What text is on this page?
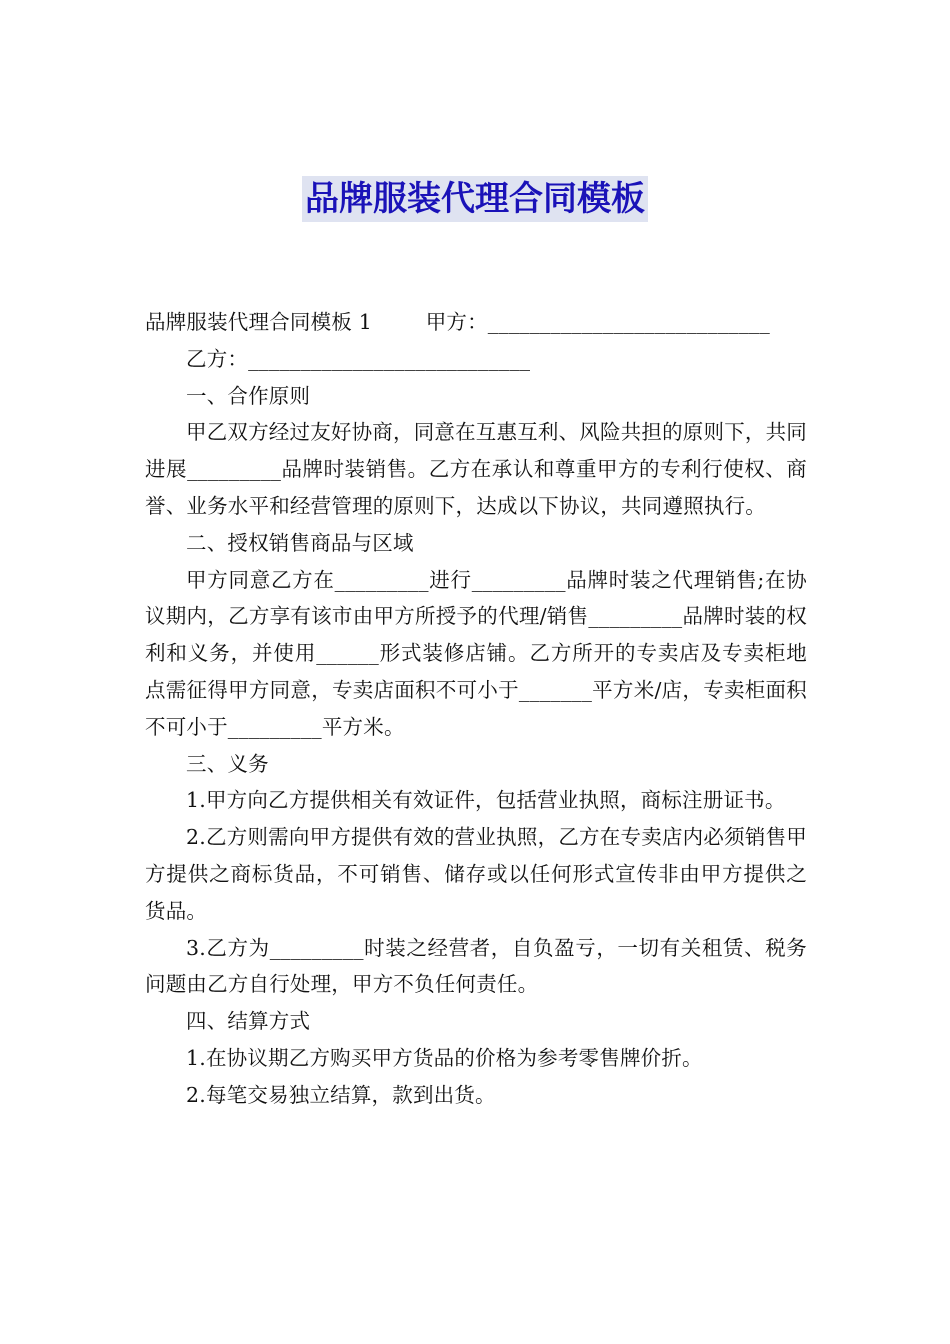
品牌服装代理合同模板

品牌服装代理合同模板 1        甲方：___________________________

乙方：___________________________

一、合作原则

甲乙双方经过友好协商，同意在互惠互利、风险共担的原则下，共同进展_________品牌时装销售。乙方在承认和尊重甲方的专利行使权、商誉、业务水平和经营管理的原则下，达成以下协议，共同遵照执行。

二、授权销售商品与区域

甲方同意乙方在_________进行_________品牌时装之代理销售;在协议期内，乙方享有该市由甲方所授予的代理/销售_________品牌时装的权利和义务，并使用______形式装修店铺。乙方所开的专卖店及专卖柜地点需征得甲方同意，专卖店面积不可小于_______平方米/店，专卖柜面积不可小于_________平方米。

三、义务

1.甲方向乙方提供相关有效证件，包括营业执照，商标注册证书。

2.乙方则需向甲方提供有效的营业执照，乙方在专卖店内必须销售甲方提供之商标货品，不可销售、储存或以任何形式宣传非由甲方提供之货品。

3.乙方为_________时装之经营者，自负盈亏，一切有关租赁、税务问题由乙方自行处理，甲方不负任何责任。

四、结算方式

1.在协议期乙方购买甲方货品的价格为参考零售牌价折。

2.每笔交易独立结算，款到出货。
